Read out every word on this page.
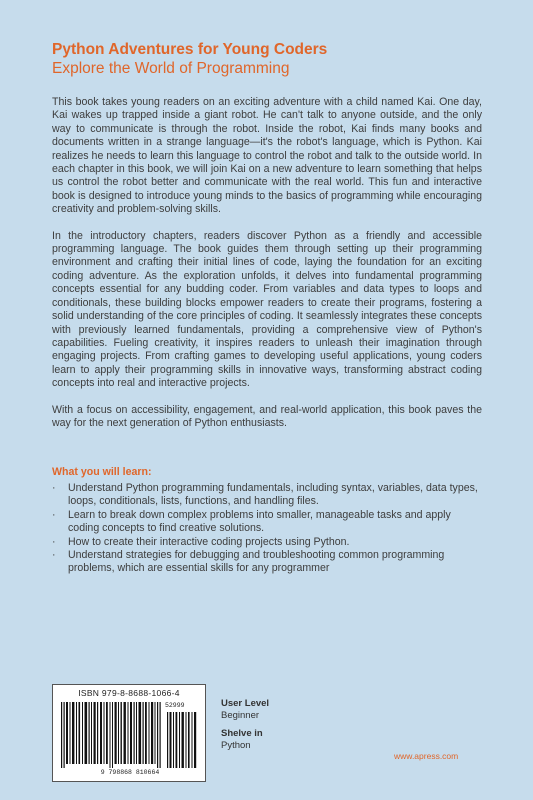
Python Adventures for Young Coders
Explore the World of Programming

This book takes young readers on an exciting adventure with a child named Kai. One day, Kai wakes up trapped inside a giant robot. He can't talk to anyone outside, and the only way to communicate is through the robot. Inside the robot, Kai finds many books and documents written in a strange language—it's the robot's language, which is Python. Kai realizes he needs to learn this language to control the robot and talk to the outside world. In each chapter in this book, we will join Kai on a new adventure to learn something that helps us control the robot better and communicate with the real world. This fun and interactive book is designed to introduce young minds to the basics of programming while encouraging creativity and problem-solving skills.

In the introductory chapters, readers discover Python as a friendly and accessible programming language. The book guides them through setting up their programming environment and crafting their initial lines of code, laying the foundation for an exciting coding adventure. As the exploration unfolds, it delves into fundamental programming concepts essential for any budding coder. From variables and data types to loops and conditionals, these building blocks empower readers to create their programs, fostering a solid understanding of the core principles of coding. It seamlessly integrates these concepts with previously learned fundamentals, providing a comprehensive view of Python's capabilities. Fueling creativity, it inspires readers to unleash their imagination through engaging projects. From crafting games to developing useful applications, young coders learn to apply their programming skills in innovative ways, transforming abstract coding concepts into real and interactive projects.

With a focus on accessibility, engagement, and real-world application, this book paves the way for the next generation of Python enthusiasts.

What you will learn:
· Understand Python programming fundamentals, including syntax, variables, data types, loops, conditionals, lists, functions, and handling files.
· Learn to break down complex problems into smaller, manageable tasks and apply coding concepts to find creative solutions.
· How to create their interactive coding projects using Python.
· Understand strategies for debugging and troubleshooting common programming problems, which are essential skills for any programmer
ISBN 979-8-8688-1066-4
52999
9 798868 810664
User Level
Beginner
Shelve in
Python
www.apress.com
